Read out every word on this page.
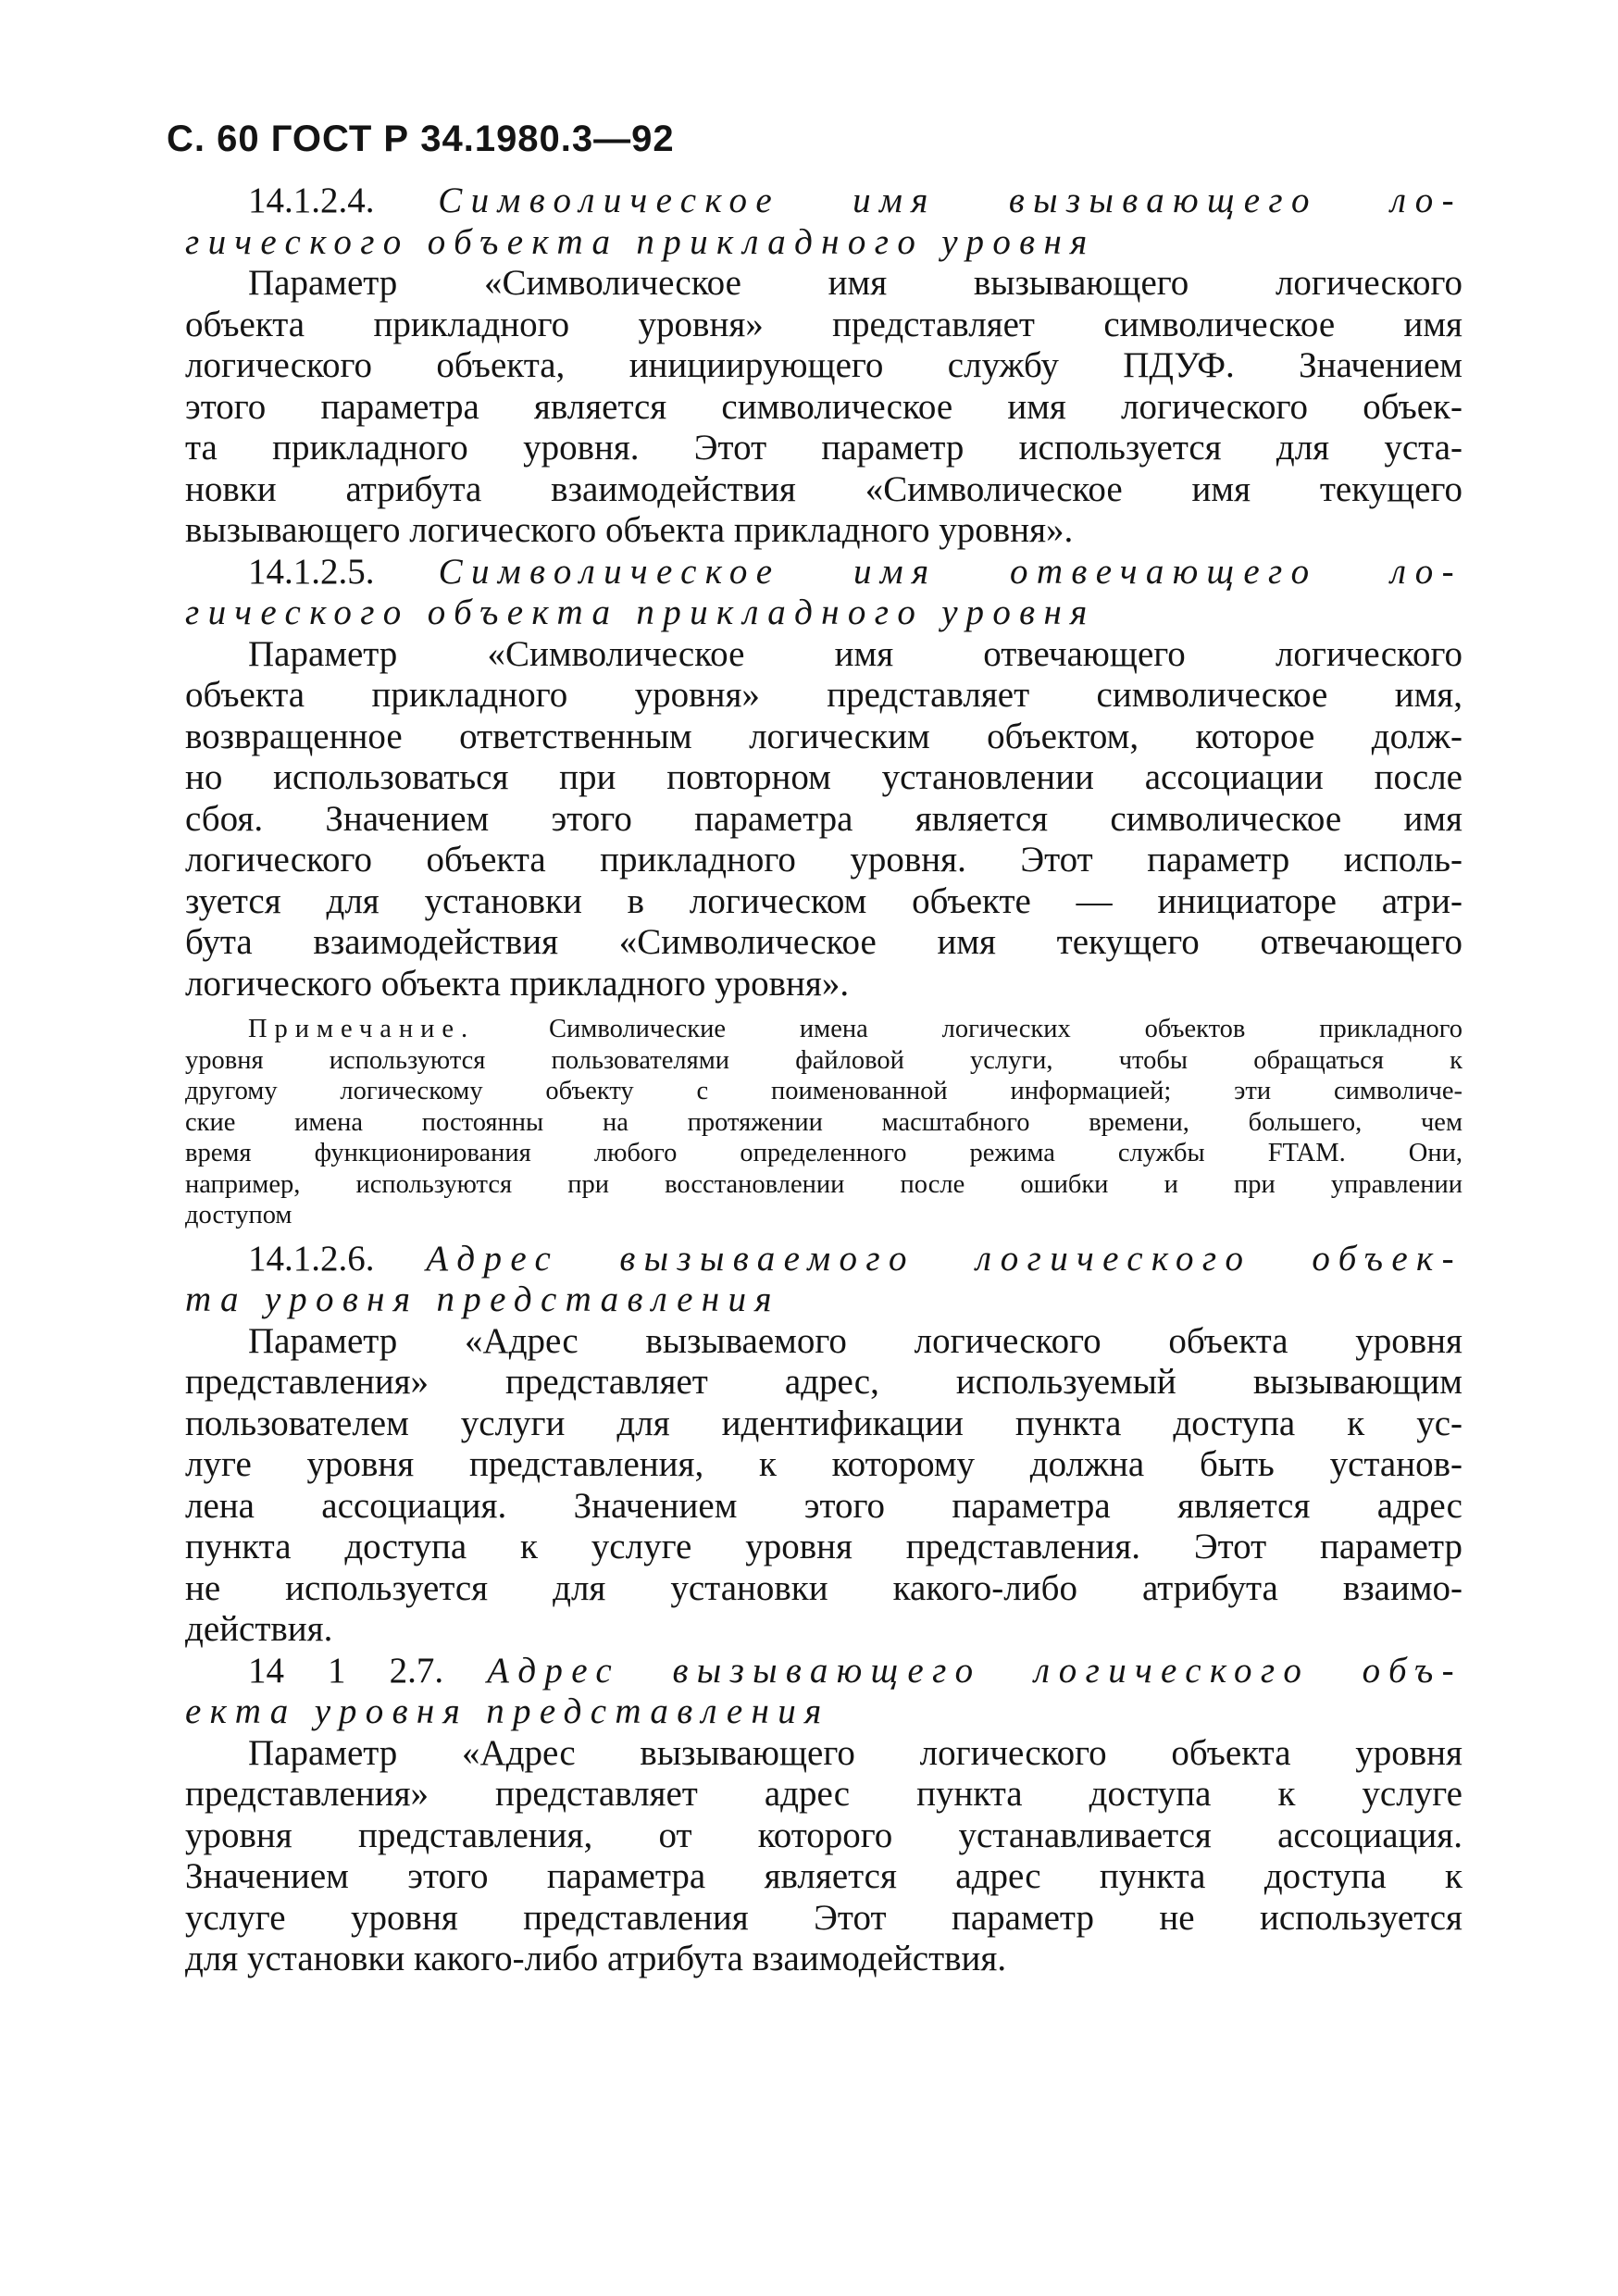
С. 60 ГОСТ Р 34.1980.3—92
14.1.2.4. Символическое имя вызывающего ло-
гического объекта прикладного уровня
Параметр «Символическое имя вызывающего логического
объекта прикладного уровня» представляет символическое имя
логического объекта, инициирующего службу ПДУФ. Значением
этого параметра является символическое имя логического объек-
та прикладного уровня. Этот параметр используется для уста-
новки атрибута взаимодействия «Символическое имя текущего
вызывающего логического объекта прикладного уровня».
14.1.2.5. Символическое имя отвечающего ло-
гического объекта прикладного уровня
Параметр «Символическое имя отвечающего логического
объекта прикладного уровня» представляет символическое имя,
возвращенное ответственным логическим объектом, которое долж-
но использоваться при повторном установлении ассоциации после
сбоя. Значением этого параметра является символическое имя
логического объекта прикладного уровня. Этот параметр исполь-
зуется для установки в логическом объекте — инициаторе атри-
бута взаимодействия «Символическое имя текущего отвечающего
логического объекта прикладного уровня».
Примечание. Символические имена логических объектов прикладного
уровня используются пользователями файловой услуги, чтобы обращаться к
другому логическому объекту с поименованной информацией; эти символиче-
ские имена постоянны на протяжении масштабного времени, большего, чем
время функционирования любого определенного режима службы FTAM. Они,
например, используются при восстановлении после ошибки и при управлении
доступом
14.1.2.6. Адрес вызываемого логического объек-
та уровня представления
Параметр «Адрес вызываемого логического объекта уровня
представления» представляет адрес, используемый вызывающим
пользователем услуги для идентификации пункта доступа к ус-
луге уровня представления, к которому должна быть установ-
лена ассоциация. Значением этого параметра является адрес
пункта доступа к услуге уровня представления. Этот параметр
не используется для установки какого-либо атрибута взаимо-
действия.
14 1 2.7. Адрес вызывающего логического объ-
екта уровня представления
Параметр «Адрес вызывающего логического объекта уровня
представления» представляет адрес пункта доступа к услуге
уровня представления, от которого устанавливается ассоциация.
Значением этого параметра является адрес пункта доступа к
услуге уровня представления Этот параметр не используется
для установки какого-либо атрибута взаимодействия.
